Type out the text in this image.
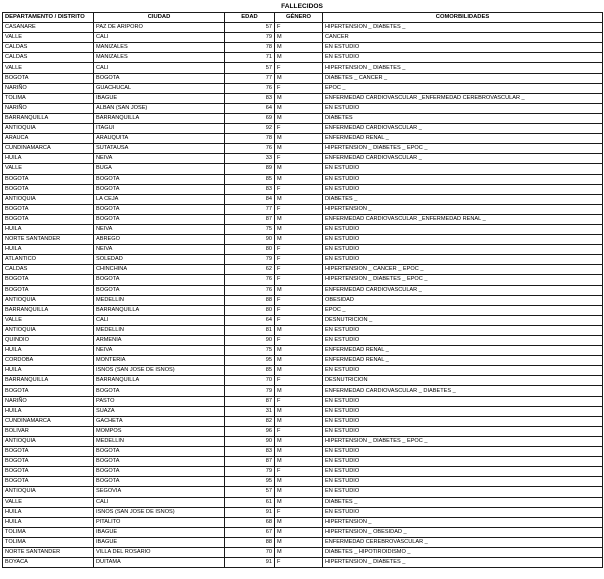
FALLECIDOS
DEPARTAMENTO / DISTRITO	CIUDAD	EDAD	GÉNERO	COMORBILIDADES
CASANARE	PAZ DE ARIPORO	57	F	HIPERTENSION _ DIABETES _
VALLE	CALI	79	M	CANCER
CALDAS	MANIZALES	78	M	EN ESTUDIO
CALDAS	MANIZALES	71	M	EN ESTUDIO
VALLE	CALI	57	F	HIPERTENSION _ DIABETES _
BOGOTA	BOGOTA	77	M	DIABETES _ CANCER _
NARIÑO	GUACHUCAL	76	F	EPOC _
TOLIMA	IBAGUE	83	M	ENFERMEDAD CARDIOVASCULAR _ENFERMEDAD CEREBROVASCULAR _
NARIÑO	ALBAN (SAN JOSE)	64	M	EN ESTUDIO
BARRANQUILLA	BARRANQUILLA	69	M	DIABETES
ANTIOQUIA	ITAGUI	92	F	ENFERMEDAD CARDIOVASCULAR _
ARAUCA	ARAUQUITA	78	M	ENFERMEDAD RENAL _
CUNDINAMARCA	SUTATAUSA	76	M	HIPERTENSION _ DIABETES _ EPOC _
HUILA	NEIVA	33	F	ENFERMEDAD CARDIOVASCULAR _
VALLE	BUGA	89	M	EN ESTUDIO
BOGOTA	BOGOTA	85	M	EN ESTUDIO
BOGOTA	BOGOTA	83	F	EN ESTUDIO
ANTIOQUIA	LA CEJA	84	M	DIABETES _
BOGOTA	BOGOTA	77	F	HIPERTENSION _
BOGOTA	BOGOTA	87	M	ENFERMEDAD CARDIOVASCULAR _ENFERMEDAD RENAL _
HUILA	NEIVA	75	M	EN ESTUDIO
NORTE SANTANDER	ABREGO	90	M	EN ESTUDIO
HUILA	NEIVA	80	F	EN ESTUDIO
ATLANTICO	SOLEDAD	79	F	EN ESTUDIO
CALDAS	CHINCHINA	62	F	HIPERTENSION _ CANCER _ EPOC _
BOGOTA	BOGOTA	76	F	HIPERTENSION _ DIABETES _ EPOC _
BOGOTA	BOGOTA	76	M	ENFERMEDAD CARDIOVASCULAR _
ANTIOQUIA	MEDELLIN	88	F	OBESIDAD
BARRANQUILLA	BARRANQUILLA	80	F	EPOC _
VALLE	CALI	64	F	DESNUTRICION _
ANTIOQUIA	MEDELLIN	81	M	EN ESTUDIO
QUINDIO	ARMENIA	90	F	EN ESTUDIO
HUILA	NEIVA	75	M	ENFERMEDAD RENAL _
CORDOBA	MONTERIA	95	M	ENFERMEDAD RENAL _
HUILA	ISNOS (SAN JOSE DE ISNOS)	85	M	EN ESTUDIO
BARRANQUILLA	BARRANQUILLA	70	F	DESNUTRICION
BOGOTA	BOGOTA	79	M	ENFERMEDAD CARDIOVASCULAR _ DIABETES _
NARIÑO	PASTO	87	F	EN ESTUDIO
HUILA	SUAZA	31	M	EN ESTUDIO
CUNDINAMARCA	GACHETA	82	M	EN ESTUDIO
BOLIVAR	MOMPOS	96	F	EN ESTUDIO
ANTIOQUIA	MEDELLIN	90	M	HIPERTENSION _ DIABETES _ EPOC _
BOGOTA	BOGOTA	83	M	EN ESTUDIO
BOGOTA	BOGOTA	87	M	EN ESTUDIO
BOGOTA	BOGOTA	79	F	EN ESTUDIO
BOGOTA	BOGOTA	95	M	EN ESTUDIO
ANTIOQUIA	SEGOVIA	57	M	EN ESTUDIO
VALLE	CALI	61	M	DIABETES _
HUILA	ISNOS (SAN JOSE DE ISNOS)	91	F	EN ESTUDIO
HUILA	PITALITO	68	M	HIPERTENSION _
TOLIMA	IBAGUE	67	M	HIPERTENSION _ OBESIDAD _
TOLIMA	IBAGUE	88	M	ENFERMEDAD CEREBROVASCULAR _
NORTE SANTANDER	VILLA DEL ROSARIO	70	M	DIABETES _ HIPOTIROIDISMO _
BOYACA	DUITAMA	91	F	HIPERTENSION _ DIABETES _
